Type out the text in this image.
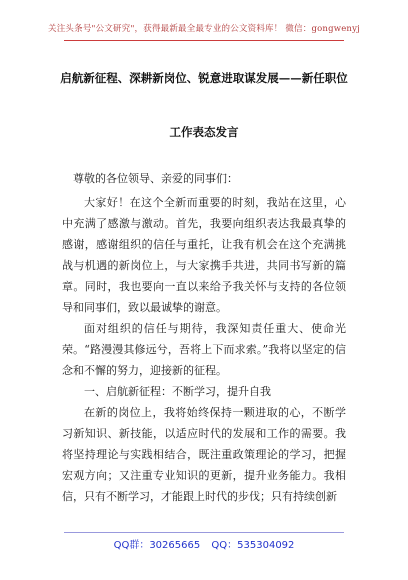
关注头条号"公文研究"，获得最新最全最专业的公文资料库！ 微信：gongwenyj
启航新征程、深耕新岗位、锐意进取谋发展——新任职位
工作表态发言

尊敬的各位领导、亲爱的同事们：

大家好！在这个全新而重要的时刻，我站在这里，心中充满了感激与激动。首先，我要向组织表达我最真挚的感谢，感谢组织的信任与重托，让我有机会在这个充满挑战与机遇的新岗位上，与大家携手共进，共同书写新的篇章。同时，我也要向一直以来给予我关怀与支持的各位领导和同事们，致以最诚挚的谢意。

面对组织的信任与期待，我深知责任重大、使命光荣。“路漫漫其修远兮，吾将上下而求索。”我将以坚定的信念和不懈的努力，迎接新的征程。

一、启航新征程：不断学习，提升自我

在新的岗位上，我将始终保持一颗进取的心，不断学习新知识、新技能，以适应时代的发展和工作的需要。我将坚持理论与实践相结合，既注重政策理论的学习，把握宏观方向；又注重专业知识的更新，提升业务能力。我相信，只有不断学习，才能跟上时代的步伐；只有持续创新

QQ群：30265665 QQ：535304092
